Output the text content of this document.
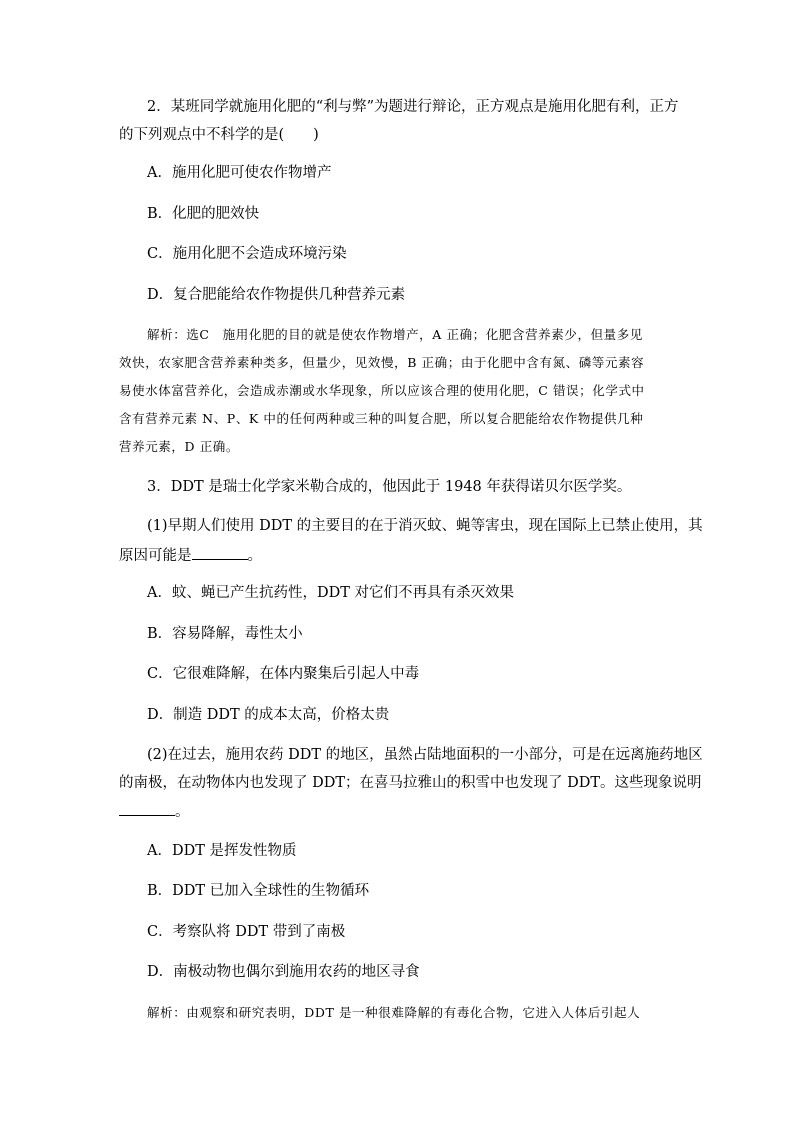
2．某班同学就施用化肥的“利与弊”为题进行辩论，正方观点是施用化肥有利，正方
的下列观点中不科学的是(　　)
A．施用化肥可使农作物增产
B．化肥的肥效快
C．施用化肥不会造成环境污染
D．复合肥能给农作物提供几种营养元素
解析：选C　施用化肥的目的就是使农作物增产，A 正确；化肥含营养素少，但量多见
效快，农家肥含营养素种类多，但量少，见效慢，B 正确；由于化肥中含有氮、磷等元素容
易使水体富营养化，会造成赤潮或水华现象，所以应该合理的使用化肥，C 错误；化学式中
含有营养元素 N、P、K 中的任何两种或三种的叫复合肥，所以复合肥能给农作物提供几种
营养元素，D 正确。
3．DDT 是瑞士化学家米勒合成的，他因此于 1948 年获得诺贝尔医学奖。
(1)早期人们使用 DDT 的主要目的在于消灭蚊、蝇等害虫，现在国际上已禁止使用，其
原因可能是	。
A．蚊、蝇已产生抗药性，DDT 对它们不再具有杀灭效果
B．容易降解，毒性太小
C．它很难降解，在体内聚集后引起人中毒
D．制造 DDT 的成本太高，价格太贵
(2)在过去，施用农药 DDT 的地区，虽然占陆地面积的一小部分，可是在远离施药地区
的南极，在动物体内也发现了 DDT；在喜马拉雅山的积雪中也发现了 DDT。这些现象说明
。
A．DDT 是挥发性物质
B．DDT 已加入全球性的生物循环
C．考察队将 DDT 带到了南极
D．南极动物也偶尔到施用农药的地区寻食
解析：由观察和研究表明，DDT 是一种很难降解的有毒化合物，它进入人体后引起人
